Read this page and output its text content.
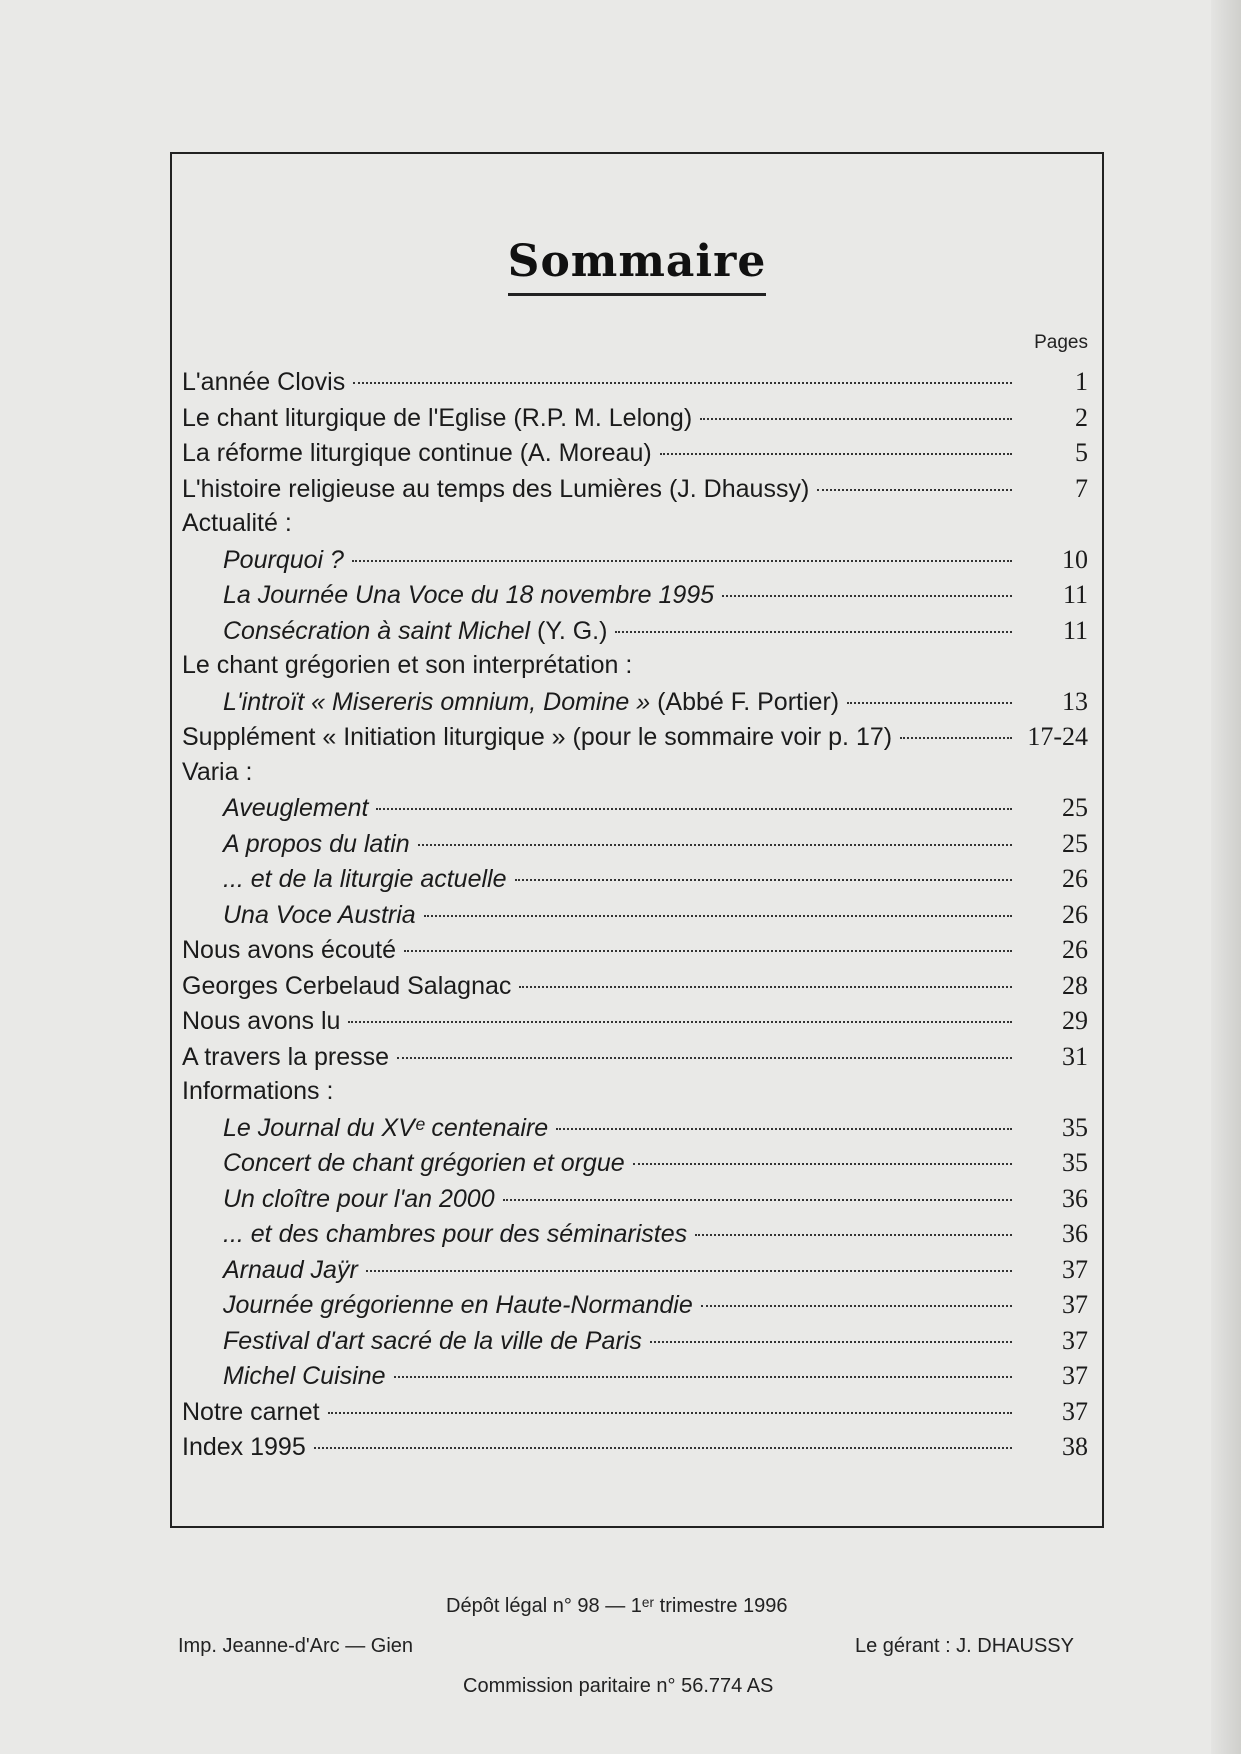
Sommaire
Pages
L'année Clovis	1
Le chant liturgique de l'Eglise (R.P. M. Lelong)	2
La réforme liturgique continue (A. Moreau)	5
L'histoire religieuse au temps des Lumières (J. Dhaussy)	7
Actualité :
Pourquoi ?	10
La Journée Una Voce du 18 novembre 1995	11
Consécration à saint Michel (Y. G.)	11
Le chant grégorien et son interprétation :
L'introït « Misereris omnium, Domine » (Abbé F. Portier)	13
Supplément « Initiation liturgique » (pour le sommaire voir p. 17)	17-24
Varia :
Aveuglement	25
A propos du latin	25
... et de la liturgie actuelle	26
Una Voce Austria	26
Nous avons écouté	26
Georges Cerbelaud Salagnac	28
Nous avons lu	29
A travers la presse	31
Informations :
Le Journal du XVᵉ centenaire	35
Concert de chant grégorien et orgue	35
Un cloître pour l'an 2000	36
... et des chambres pour des séminaristes	36
Arnaud Jaÿr	37
Journée grégorienne en Haute-Normandie	37
Festival d'art sacré de la ville de Paris	37
Michel Cuisine	37
Notre carnet	37
Index 1995	38
Dépôt légal n° 98 — 1ᵉʳ trimestre 1996
Imp. Jeanne-d'Arc — Gien	Le gérant : J. DHAUSSY
Commission paritaire n° 56.774 AS
